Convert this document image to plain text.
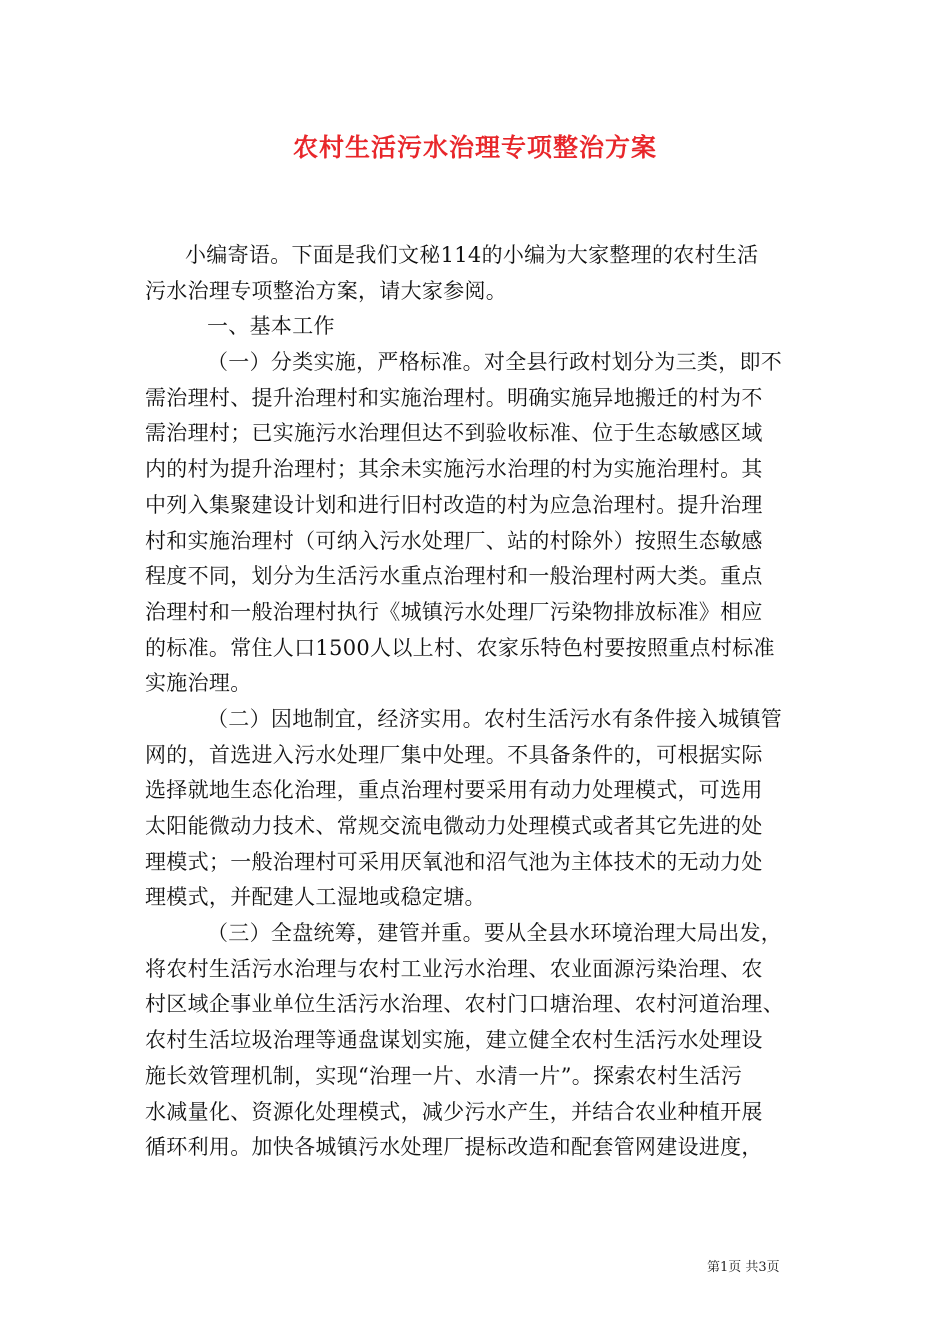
农村生活污水治理专项整治方案
小编寄语。下面是我们文秘114的小编为大家整理的农村生活
污水治理专项整治方案，请大家参阅。
一、基本工作
（一）分类实施，严格标准。对全县行政村划分为三类，即不
需治理村、提升治理村和实施治理村。明确实施异地搬迁的村为不
需治理村；已实施污水治理但达不到验收标准、位于生态敏感区域
内的村为提升治理村；其余未实施污水治理的村为实施治理村。其
中列入集聚建设计划和进行旧村改造的村为应急治理村。提升治理
村和实施治理村（可纳入污水处理厂、站的村除外）按照生态敏感
程度不同，划分为生活污水重点治理村和一般治理村两大类。重点
治理村和一般治理村执行《城镇污水处理厂污染物排放标准》相应
的标准。常住人口1500人以上村、农家乐特色村要按照重点村标准
实施治理。
（二）因地制宜，经济实用。农村生活污水有条件接入城镇管
网的，首选进入污水处理厂集中处理。不具备条件的，可根据实际
选择就地生态化治理，重点治理村要采用有动力处理模式，可选用
太阳能微动力技术、常规交流电微动力处理模式或者其它先进的处
理模式；一般治理村可采用厌氧池和沼气池为主体技术的无动力处
理模式，并配建人工湿地或稳定塘。
（三）全盘统筹，建管并重。要从全县水环境治理大局出发，
将农村生活污水治理与农村工业污水治理、农业面源污染治理、农
村区域企事业单位生活污水治理、农村门口塘治理、农村河道治理、
农村生活垃圾治理等通盘谋划实施，建立健全农村生活污水处理设
施长效管理机制，实现“治理一片、水清一片”。探索农村生活污
水减量化、资源化处理模式，减少污水产生，并结合农业种植开展
循环利用。加快各城镇污水处理厂提标改造和配套管网建设进度，
第1页 共3页
